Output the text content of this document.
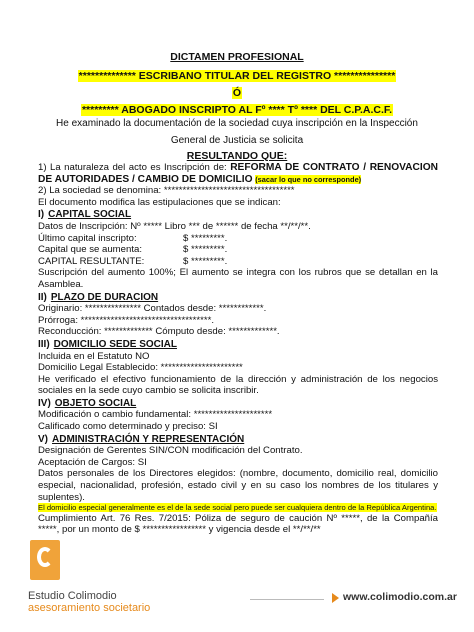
DICTAMEN PROFESIONAL
************** ESCRIBANO TITULAR DEL REGISTRO ***************
Ó
********* ABOGADO INSCRIPTO AL Fº **** Tº **** DEL C.P.A.C.F.
He examinado la documentación de la sociedad cuya inscripción en la Inspección
General de Justicia se solicita
RESULTANDO QUE:

1) La naturaleza del acto es Inscripción de: REFORMA DE CONTRATO / RENOVACION DE AUTORIDADES / CAMBIO DE DOMICILIO (sacar lo que no corresponde)

2) La sociedad se denomina: ***********************************

El documento modifica las estipulaciones que se indican:

I) CAPITAL SOCIAL

Datos de Inscripción: Nº ***** Libro *** de ****** de fecha **/**/**.

Último capital inscripto:	$ *********.

Capital que se aumenta:	$ *********.

CAPITAL RESULTANTE:	$ *********.

Suscripción del aumento 100%; El aumento se integra con los rubros que se detallan en la Asamblea.

II) PLAZO DE DURACION

Originario: *************** Contados desde: ************.

Prórroga: ***********************************.

Reconducción: ************* Cómputo desde: *************.

III) DOMICILIO SEDE SOCIAL

Incluida en el Estatuto NO

Domicilio Legal Establecido: **********************

He verificado el efectivo funcionamiento de la dirección y administración de los negocios sociales en la sede cuyo cambio se solicita inscribir.

IV) OBJETO SOCIAL

Modificación o cambio fundamental: *********************

Calificado como determinado y preciso: SI

V) ADMINISTRACIÓN Y REPRESENTACIÓN

Designación de Gerentes SIN/CON modificación del Contrato.

Aceptación de Cargos: SI

Datos personales de los Directores elegidos: (nombre, documento, domicilio real, domicilio especial, nacionalidad, profesión, estado civil y en su caso los nombres de los titulares y suplentes).

El domicilio especial generalmente es el de la sede social pero puede ser cualquiera dentro de la República Argentina.

Cumplimiento Art. 76 Res. 7/2015: Póliza de seguro de caución Nº *****, de la Compañía *****, por un monto de $ ***************** y vigencia desde el **/**/**

Estudio Colimodio
asesoramiento societario
www.colimodio.com.ar
